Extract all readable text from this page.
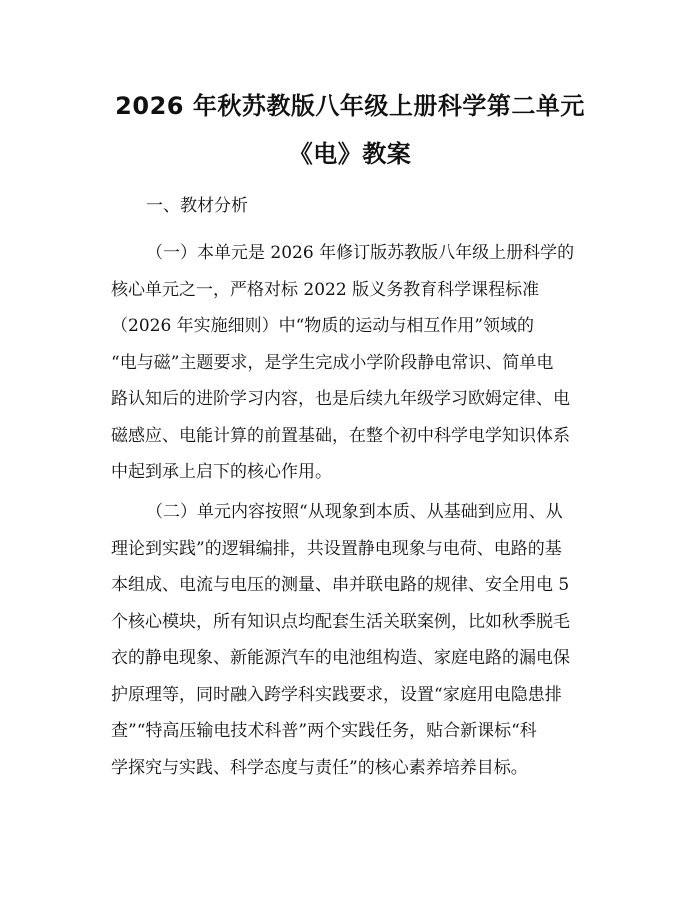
2026 年秋苏教版八年级上册科学第二单元
《电》教案

一、教材分析

（一）本单元是 2026 年修订版苏教版八年级上册科学的

核心单元之一，严格对标 2022 版义务教育科学课程标准

（2026 年实施细则）中“物质的运动与相互作用”领域的

“电与磁”主题要求，是学生完成小学阶段静电常识、简单电

路认知后的进阶学习内容，也是后续九年级学习欧姆定律、电

磁感应、电能计算的前置基础，在整个初中科学电学知识体系

中起到承上启下的核心作用。

（二）单元内容按照“从现象到本质、从基础到应用、从

理论到实践”的逻辑编排，共设置静电现象与电荷、电路的基

本组成、电流与电压的测量、串并联电路的规律、安全用电 5

个核心模块，所有知识点均配套生活关联案例，比如秋季脱毛

衣的静电现象、新能源汽车的电池组构造、家庭电路的漏电保

护原理等，同时融入跨学科实践要求，设置“家庭用电隐患排

查”“特高压输电技术科普”两个实践任务，贴合新课标“科

学探究与实践、科学态度与责任”的核心素养培养目标。
